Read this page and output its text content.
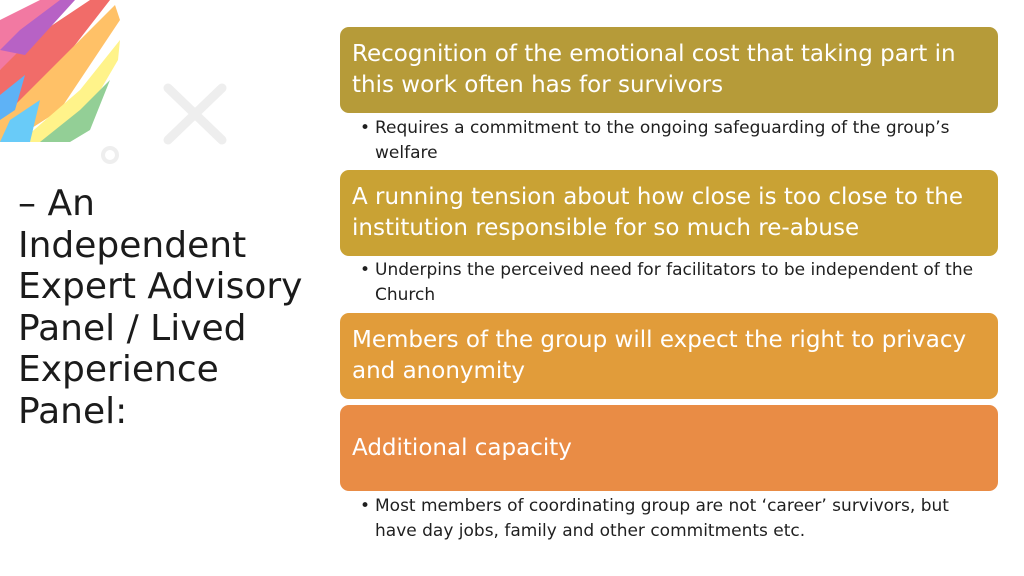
– An Independent Expert Advisory Panel / Lived Experience Panel:
Recognition of the emotional cost that taking part in this work often has for survivors
• Requires a commitment to the ongoing safeguarding of the group’s welfare
A running tension about how close is too close to the institution responsible for so much re-abuse
• Underpins the perceived need for facilitators to be independent of the Church
Members of the group will expect the right to privacy and anonymity
Additional capacity
• Most members of coordinating group are not ‘career’ survivors, but have day jobs, family and other commitments etc.
